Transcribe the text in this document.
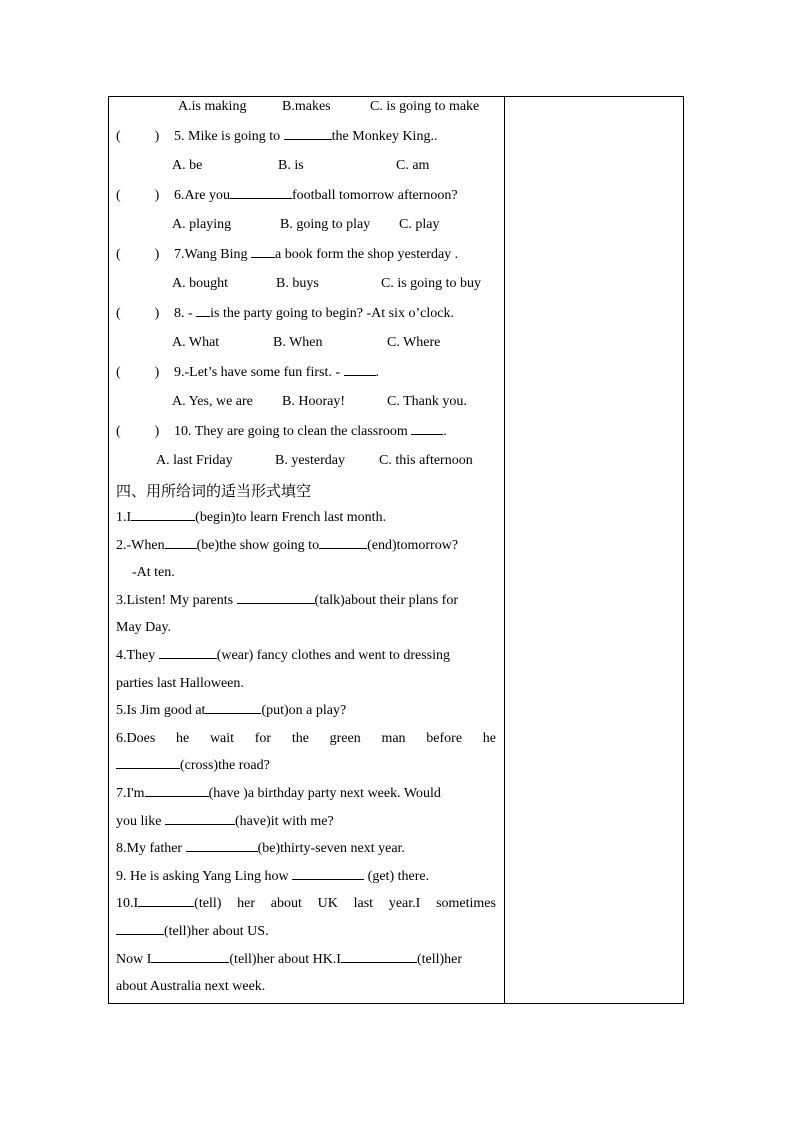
A.is making	B.makes	C. is going to make
( ) 5. Mike is going to	the Monkey King..
A. be	B. is	C. am
( ) 6.Are you	football tomorrow afternoon?
A. playing	B. going to play C. play
( ) 7.Wang Bing a book form the shop yesterday .
A. bought	B. buys	C. is going to buy
( ) 8. - is the party going to begin? -At six o’clock.
A. What	B. When	C. Where
( ) 9.-Let’s have some fun first. - .
A. Yes, we are B. Hooray!	C. Thank you.
( ) 10. They are going to clean the classroom .
A. last Friday	B. yesterday C. this afternoon
四、用所给词的适当形式填空
1.I	(begin)to learn French last month.
2.-When (be)the show going to	(end)tomorrow?
-At ten.
3.Listen! My parents	(talk)about their plans for
May Day.
4.They	(wear) fancy clothes and went to dressing
parties last Halloween.
5.Is Jim good at	(put)on a play?
6.Does he wait for the green man before he
(cross)the road?
7.I'm	(have )a birthday party next week. Would
you like	(have)it with me?
8.My father	(be)thirty-seven next year.
9. He is asking Yang Ling how	(get) there.
10.I	(tell) her about UK last year.I sometimes
(tell)her about US.
Now I	(tell)her about HK.I	(tell)her
about Australia next week.
